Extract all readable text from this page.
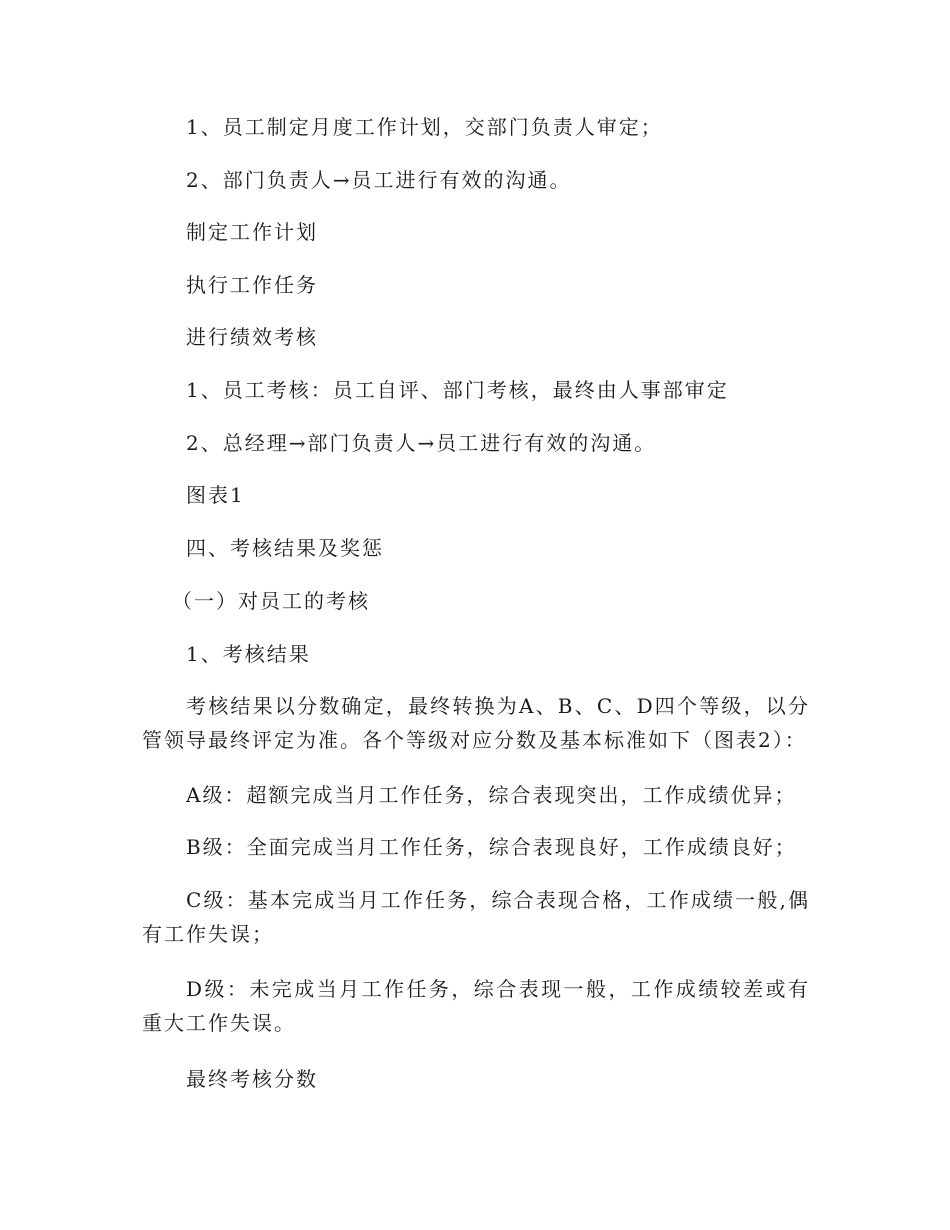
1、员工制定月度工作计划，交部门负责人审定；
2、部门负责人→员工进行有效的沟通。
制定工作计划
执行工作任务
进行绩效考核
1、员工考核：员工自评、部门考核，最终由人事部审定
2、总经理→部门负责人→员工进行有效的沟通。
图表1
四、考核结果及奖惩
（一）对员工的考核
1、考核结果
考核结果以分数确定，最终转换为A、B、C、D四个等级，以分管领导最终评定为准。各个等级对应分数及基本标准如下（图表2）：
A级：超额完成当月工作任务，综合表现突出，工作成绩优异；
B级：全面完成当月工作任务，综合表现良好，工作成绩良好；
C级：基本完成当月工作任务，综合表现合格，工作成绩一般,偶有工作失误；
D级：未完成当月工作任务，综合表现一般，工作成绩较差或有重大工作失误。
最终考核分数
